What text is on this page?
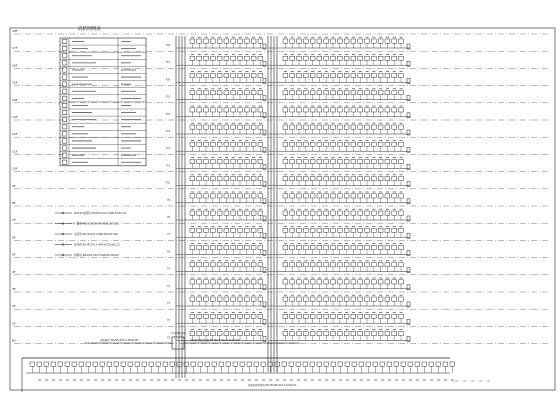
18F
17F
16F
15F
14F
13F
12F
11F
10F
9F
8F
7F
6F
5F
4F
3F
2F
1F
B1
消防图例表
DC24V电源线 FS-RVS-2X2.5-WR-SC20,CC
广播线 RVS-2X1.5-WR-SC20,WC,CC
电话线 RVVP-2X1.0-WR-SC20,F,WC
信号线 RVVP-2X1.0-WR-SC20,WC,CC
控制线 ZR-KVV-4X1.5-WR-SC20,WC
F18
F17
F16
F15
F14
F13
F12
F11
F10
F9
F8
F7
F6
F5
F4
F3
F2
F1
火灾报警控制器
消防模块 ZR-RVS-2X1.5-SC20,WC	消防联动控制线路 ZR-RVVP-2X1.0-SC20,WC
消防系统图说明 NH-RVVSP-2X1.5-SC20,CT
